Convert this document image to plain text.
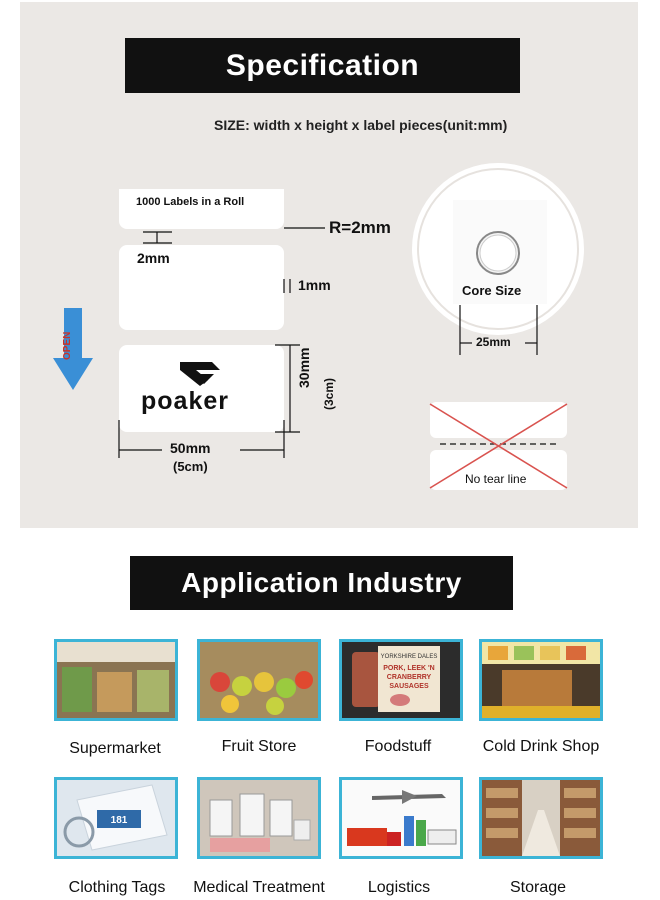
Specification
SIZE: width x height x label pieces(unit:mm)
1000 Labels in a Roll
R=2mm
2mm
1mm
50mm
(5cm)
30mm
(3cm)
poaker
OPEN
Core Size
25mm
No tear line
Application Industry
YORKSHIRE DALES
PORK, LEEK 'N
CRANBERRY
SAUSAGES
181
Supermarket	Fruit Store	Foodstuff	Cold Drink Shop
Clothing Tags	Medical Treatment	Logistics	Storage
